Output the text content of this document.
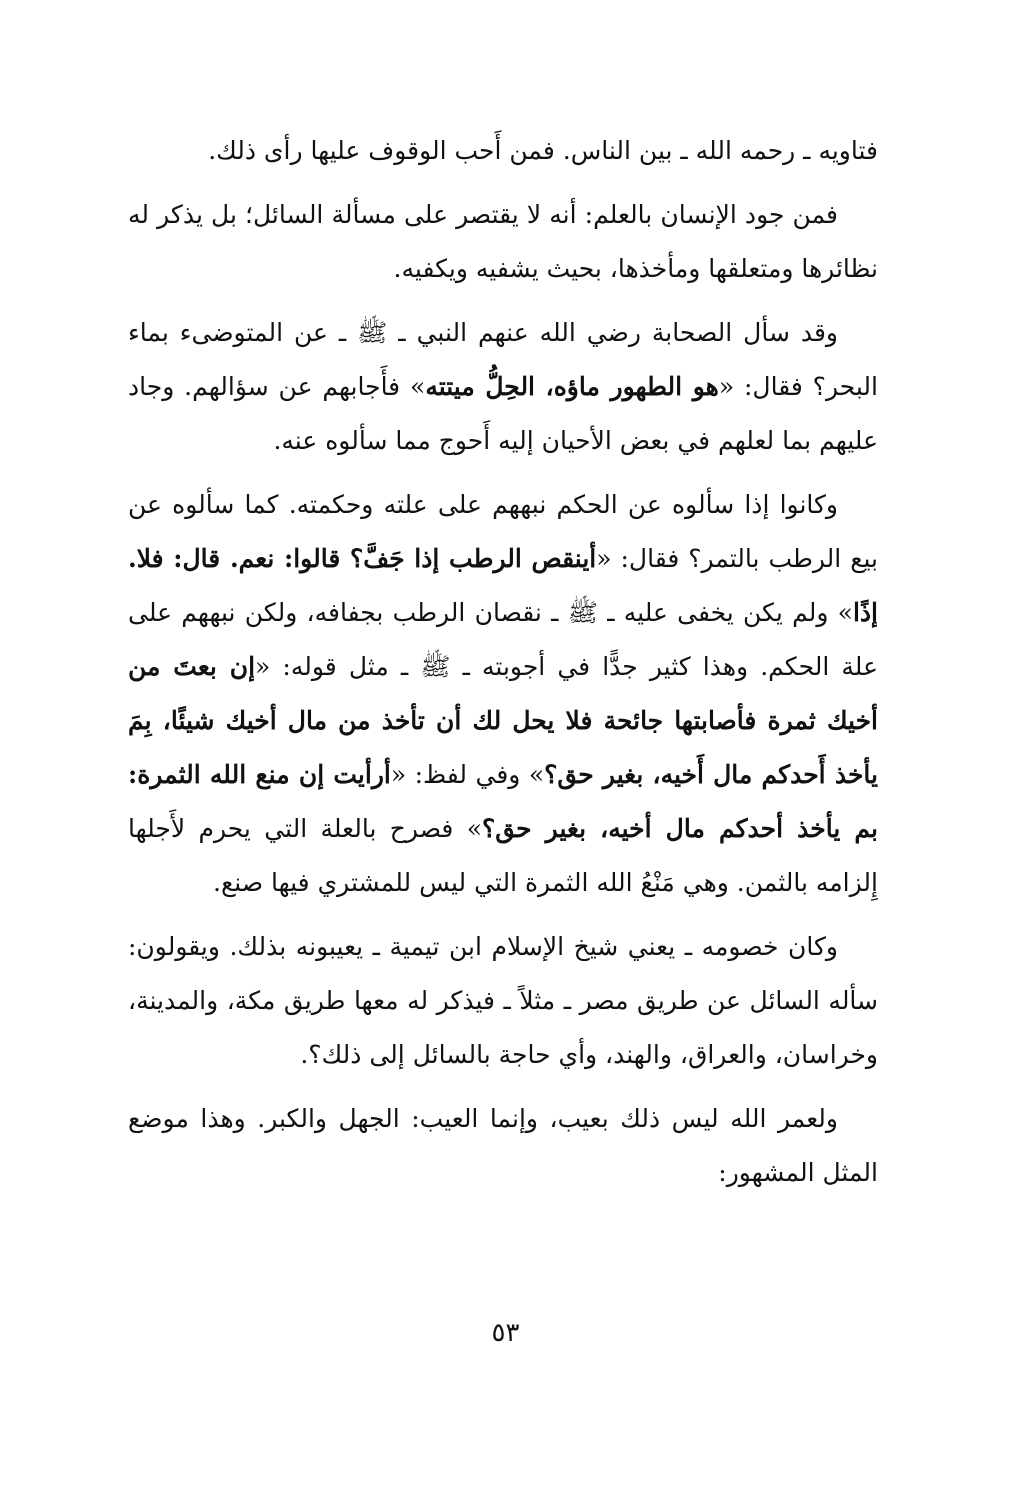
فتاويه ـ رحمه الله ـ بين الناس. فمن أَحب الوقوف عليها رأى ذلك.

فمن جود الإنسان بالعلم: أنه لا يقتصر على مسألة السائل؛ بل يذكر له نظائرها ومتعلقها ومأخذها، بحيث يشفيه ويكفيه.

وقد سأل الصحابة رضي الله عنهم النبي ـ ﷺ ـ عن المتوضىء بماء البحر؟ فقال: «هو الطهور ماؤه، الحِلُّ ميتته» فأَجابهم عن سؤالهم. وجاد عليهم بما لعلهم في بعض الأحيان إليه أَحوج مما سألوه عنه.

وكانوا إذا سألوه عن الحكم نبههم على علته وحكمته. كما سألوه عن بيع الرطب بالتمر؟ فقال: «أينقص الرطب إذا جَفَّ؟ قالوا: نعم. قال: فلا. إذًا» ولم يكن يخفى عليه ـ ﷺ ـ نقصان الرطب بجفافه، ولكن نبههم على علة الحكم. وهذا كثير جدًّا في أجوبته ـ ﷺ ـ مثل قوله: «إن بعتَ من أخيك ثمرة فأصابتها جائحة فلا يحل لك أن تأخذ من مال أخيك شيئًا، بِمَ يأخذ أَحدكم مال أَخيه، بغير حق؟» وفي لفظ: «أرأيت إن منع الله الثمرة: بم يأخذ أحدكم مال أخيه، بغير حق؟» فصرح بالعلة التي يحرم لأَجلها إِلزامه بالثمن. وهي مَنْعُ الله الثمرة التي ليس للمشتري فيها صنع.

وكان خصومه ـ يعني شيخ الإسلام ابن تيمية ـ يعيبونه بذلك. ويقولون: سأله السائل عن طريق مصر ـ مثلاً ـ فيذكر له معها طريق مكة، والمدينة، وخراسان، والعراق، والهند، وأي حاجة بالسائل إلى ذلك؟.

ولعمر الله ليس ذلك بعيب، وإنما العيب: الجهل والكبر. وهذا موضع المثل المشهور:

٥٣
